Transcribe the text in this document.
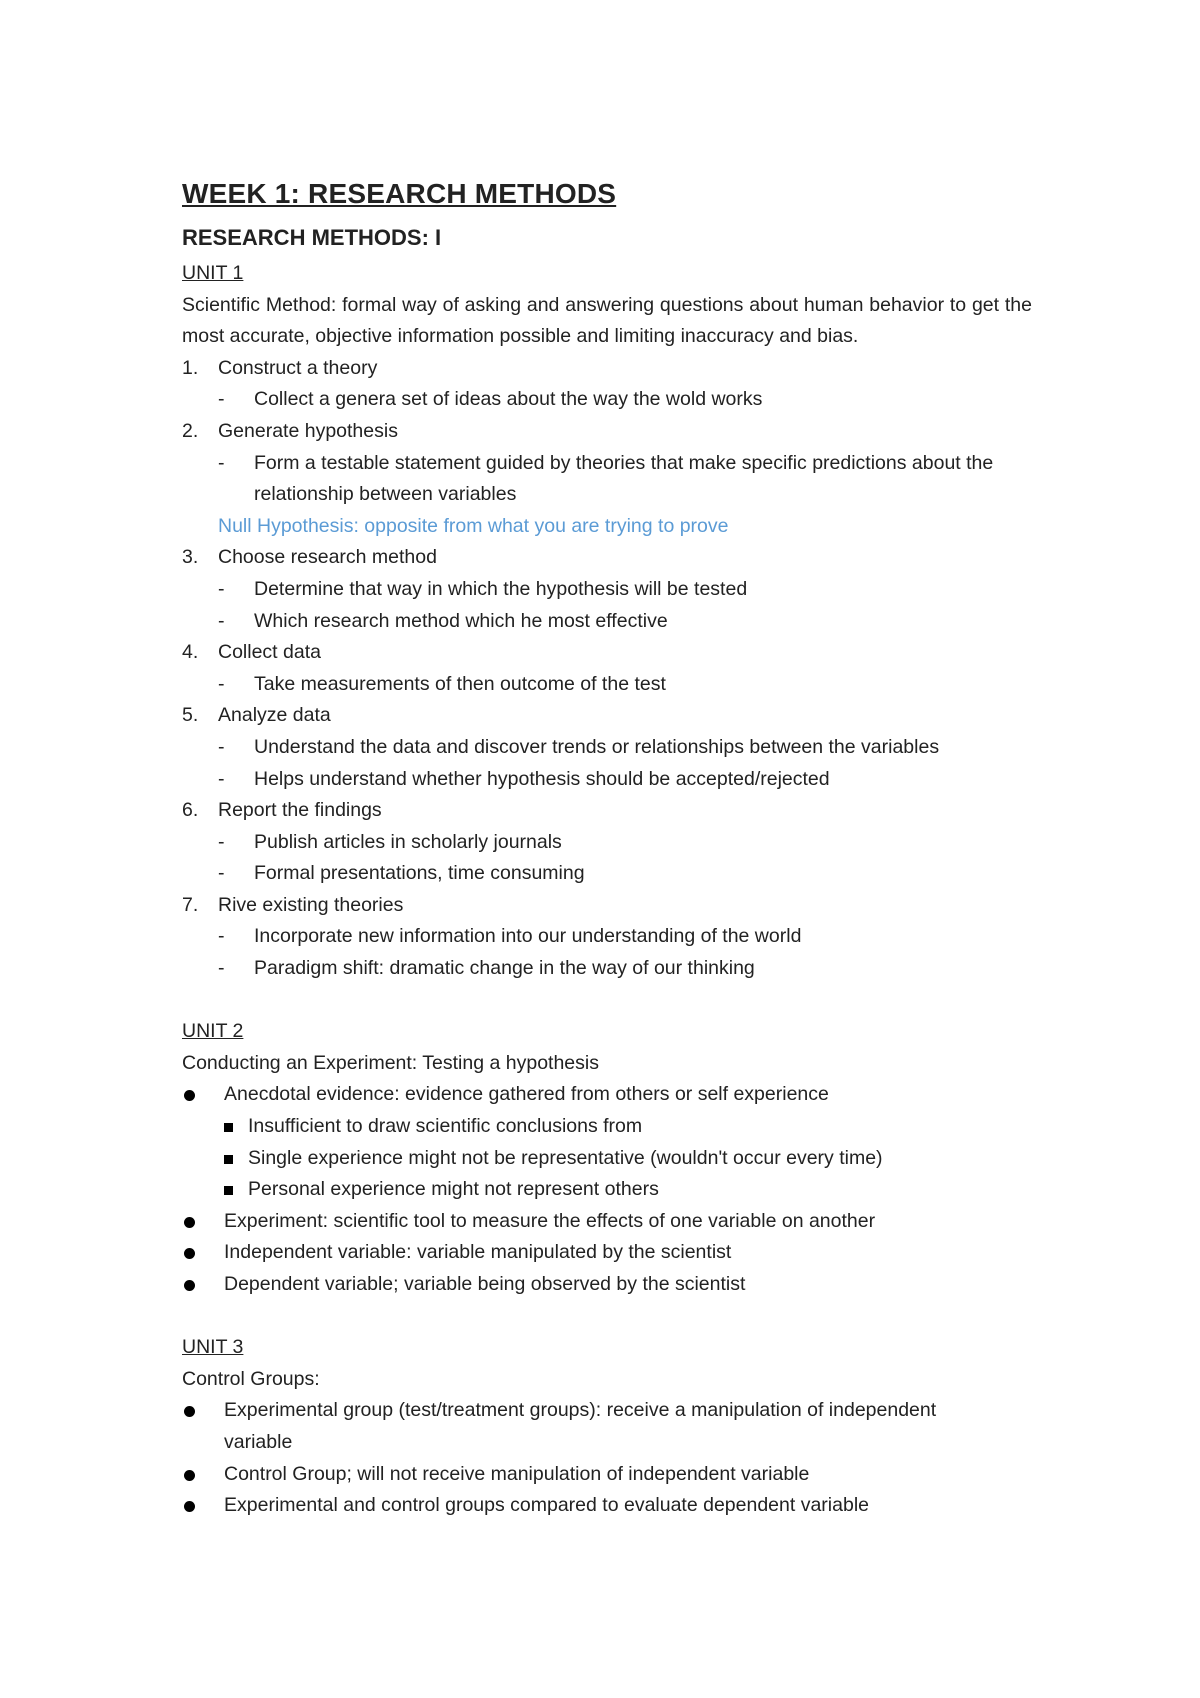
WEEK 1: RESEARCH METHODS
RESEARCH METHODS: I
UNIT 1
Scientific Method: formal way of asking and answering questions about human behavior to get the most accurate, objective information possible and limiting inaccuracy and bias.
1.	Construct a theory
-	Collect a genera set of ideas about the way the wold works
2.	Generate hypothesis
-	Form a testable statement guided by theories that make specific predictions about the relationship between variables
Null Hypothesis: opposite from what you are trying to prove
3.	Choose research method
-	Determine that way in which the hypothesis will be tested
-	Which research method which he most effective
4.	Collect data
-	Take measurements of then outcome of the test
5.	Analyze data
-	Understand the data and discover trends or relationships between the variables
-	Helps understand whether hypothesis should be accepted/rejected
6.	Report the findings
-	Publish articles in scholarly journals
-	Formal presentations, time consuming
7.	Rive existing theories
-	Incorporate new information into our understanding of the world
-	Paradigm shift: dramatic change in the way of our thinking
UNIT 2
Conducting an Experiment: Testing a hypothesis
Anecdotal evidence: evidence gathered from others or self experience
Insufficient to draw scientific conclusions from
Single experience might not be representative (wouldn't occur every time)
Personal experience might not represent others
Experiment: scientific tool to measure the effects of one variable on another
Independent variable: variable manipulated by the scientist
Dependent variable; variable being observed by the scientist
UNIT 3
Control Groups:
Experimental group (test/treatment groups): receive a manipulation of independent variable
Control Group; will not receive manipulation of independent variable
Experimental and control groups compared to evaluate dependent variable
